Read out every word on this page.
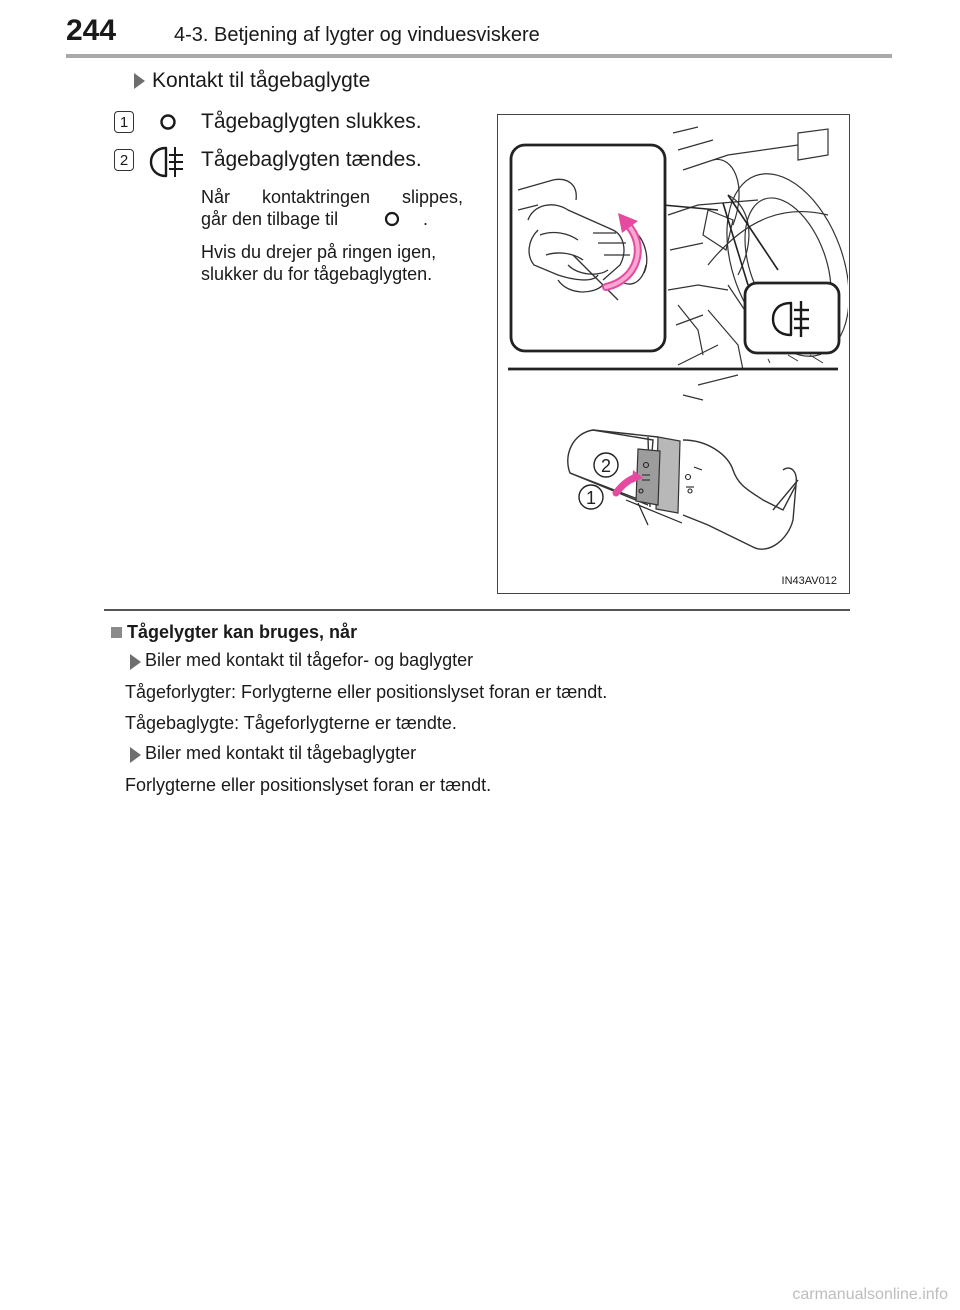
244	4-3. Betjening af lygter og vinduesviskere
Kontakt til tågebaglygte
1	Tågebaglygten slukkes.
2	Tågebaglygten tændes.
Når kontaktringen slippes,
går den tilbage til	.
Hvis du drejer på ringen igen,
slukker du for tågebaglygten.
2
1
IN43AV012
Tågelygter kan bruges, når
Biler med kontakt til tågefor- og baglygter
Tågeforlygter: Forlygterne eller positionslyset foran er tændt.
Tågebaglygte: Tågeforlygterne er tændte.
Biler med kontakt til tågebaglygter
Forlygterne eller positionslyset foran er tændt.
carmanualsonline.info
